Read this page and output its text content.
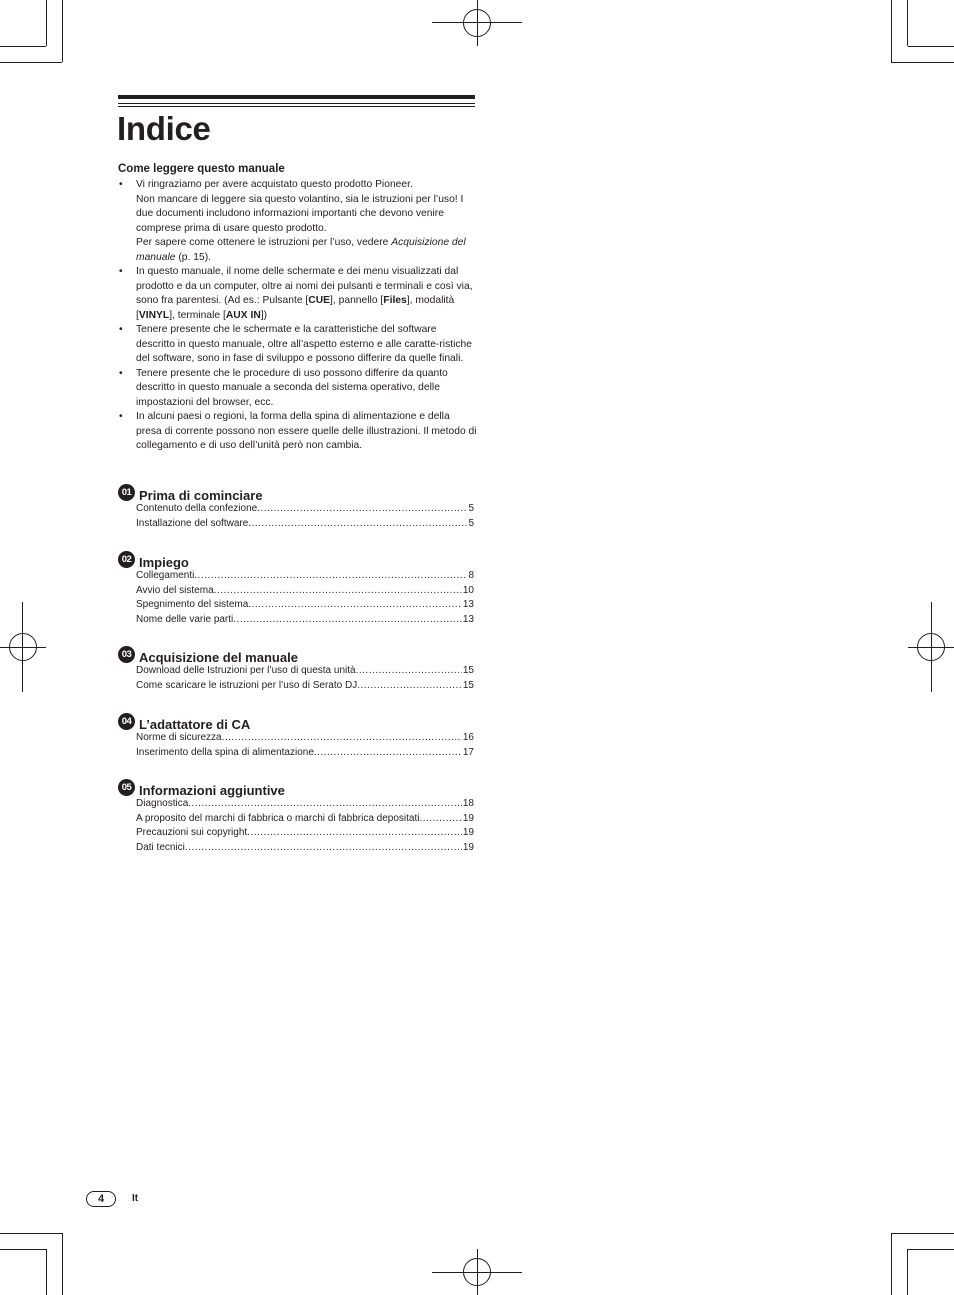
Indice
Come leggere questo manuale
• Vi ringraziamo per avere acquistato questo prodotto Pioneer.
Non mancare di leggere sia questo volantino, sia le istruzioni per l’uso! I due documenti includono informazioni importanti che devono venire comprese prima di usare questo prodotto.
Per sapere come ottenere le istruzioni per l’uso, vedere Acquisizione del manuale (p. 15).
• In questo manuale, il nome delle schermate e dei menu visualizzati dal prodotto e da un computer, oltre ai nomi dei pulsanti e terminali e così via, sono fra parentesi. (Ad es.: Pulsante [CUE], pannello [Files], modalità [VINYL], terminale [AUX IN])
• Tenere presente che le schermate e la caratteristiche del software descritto in questo manuale, oltre all’aspetto esterno e alle caratte-ristiche del software, sono in fase di sviluppo e possono differire da quelle finali.
• Tenere presente che le procedure di uso possono differire da quanto descritto in questo manuale a seconda del sistema operativo, delle impostazioni del browser, ecc.
• In alcuni paesi o regioni, la forma della spina di alimentazione e della presa di corrente possono non essere quelle delle illustrazioni. Il metodo di collegamento e di uso dell’unità però non cambia.
01 Prima di cominciare
Contenuto della confezione .....	5
Installazione del software .....	5
02 Impiego
Collegamenti .....	8
Avvio del sistema .....	10
Spegnimento del sistema .....	13
Nome delle varie parti .....	13
03 Acquisizione del manuale
Download delle Istruzioni per l’uso di questa unità .....	15
Come scaricare le istruzioni per l’uso di Serato DJ .....	15
04 L’adattatore di CA
Norme di sicurezza .....	16
Inserimento della spina di alimentazione .....	17
05 Informazioni aggiuntive
Diagnostica .....	18
A proposito del marchi di fabbrica o marchi di fabbrica depositati .....	19
Precauzioni sui copyright .....	19
Dati tecnici .....	19
4	It
